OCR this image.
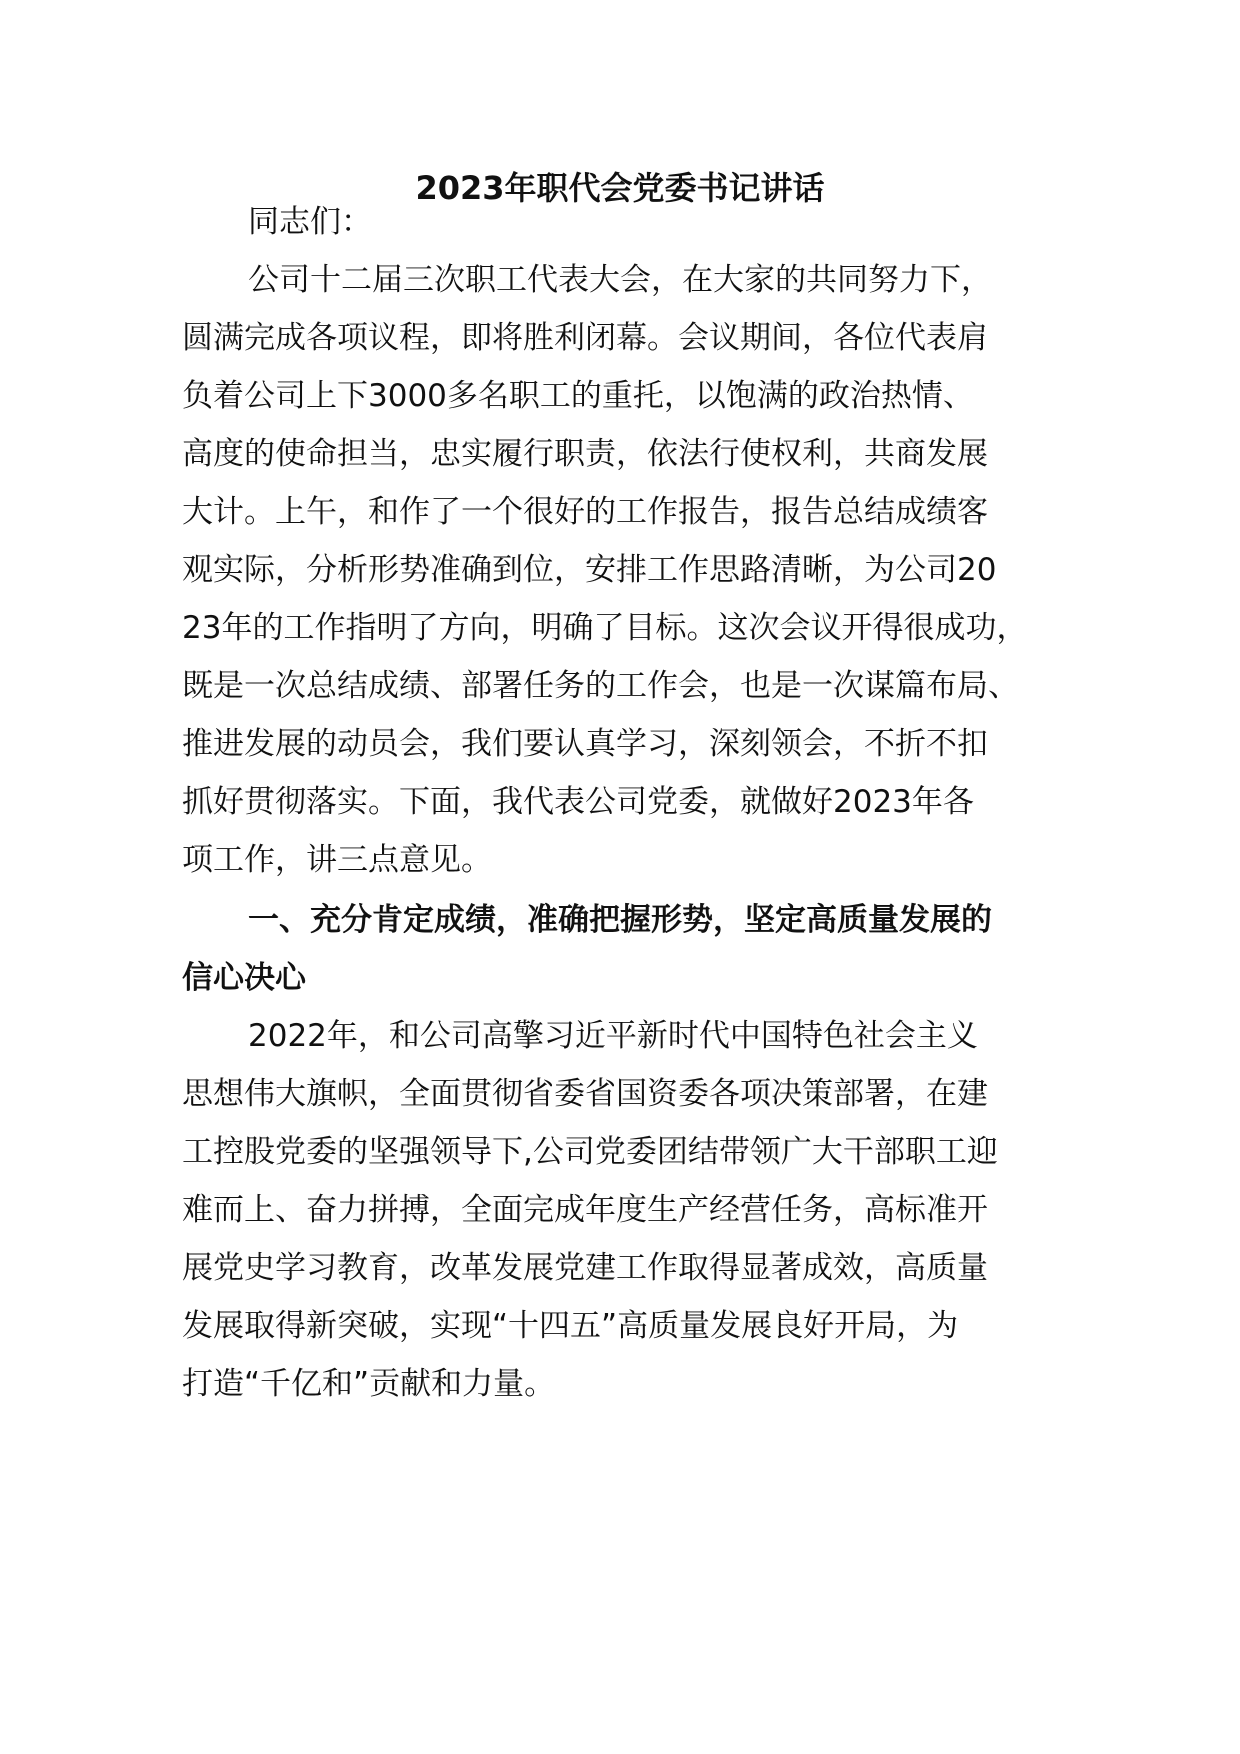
2023年职代会党委书记讲话

同志们：

公司十二届三次职工代表大会，在大家的共同努力下，

圆满完成各项议程，即将胜利闭幕。会议期间，各位代表肩

负着公司上下3000多名职工的重托，以饱满的政治热情、

高度的使命担当，忠实履行职责，依法行使权利，共商发展

大计。上午，和作了一个很好的工作报告，报告总结成绩客

观实际，分析形势准确到位，安排工作思路清晰，为公司20

23年的工作指明了方向，明确了目标。这次会议开得很成功，

既是一次总结成绩、部署任务的工作会，也是一次谋篇布局、

推进发展的动员会，我们要认真学习，深刻领会，不折不扣

抓好贯彻落实。下面，我代表公司党委，就做好2023年各

项工作，讲三点意见。

一、充分肯定成绩，准确把握形势，坚定高质量发展的

信心决心

2022年，和公司高擎习近平新时代中国特色社会主义

思想伟大旗帜，全面贯彻省委省国资委各项决策部署，在建

工控股党委的坚强领导下,公司党委团结带领广大干部职工迎

难而上、奋力拼搏，全面完成年度生产经营任务，高标准开

展党史学习教育，改革发展党建工作取得显著成效，高质量

发展取得新突破，实现“十四五”高质量发展良好开局，为

打造“千亿和”贡献和力量。
